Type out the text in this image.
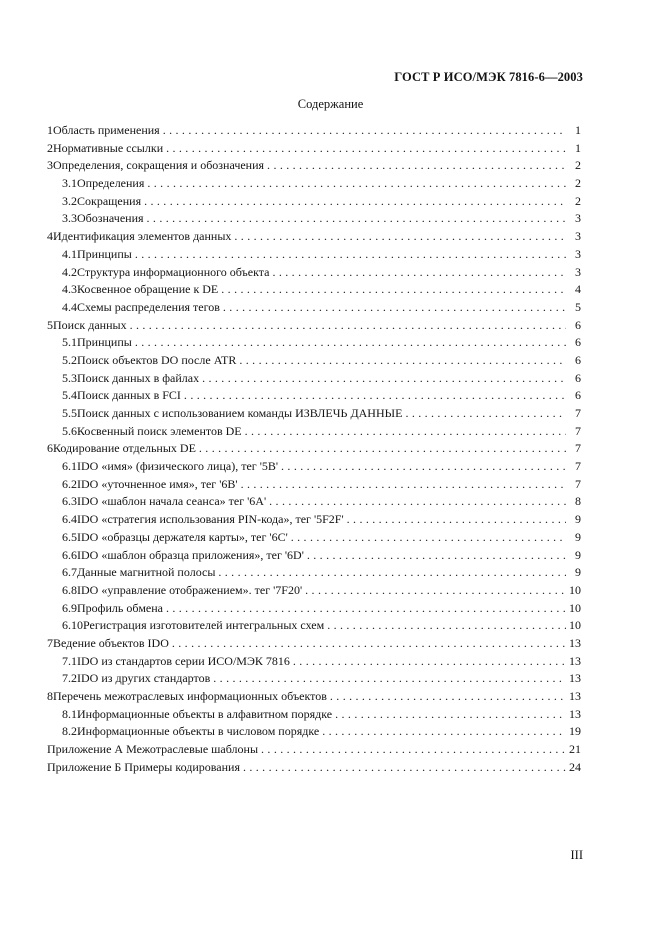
ГОСТ Р ИСО/МЭК 7816-6—2003
Содержание
1 Область применения . . .	1
2 Нормативные ссылки . . .	1
3 Определения, сокращения и обозначения . . .	2
3.1 Определения . . .	2
3.2 Сокращения . . .	2
3.3 Обозначения . . .	3
4 Идентификация элементов данных . . .	3
4.1 Принципы . . .	3
4.2 Структура информационного объекта . . .	3
4.3 Косвенное обращение к DE . . .	4
4.4 Схемы распределения тегов . . .	5
5 Поиск данных . . .	6
5.1 Принципы . . .	6
5.2 Поиск объектов DO после ATR . . .	6
5.3 Поиск данных в файлах . . .	6
5.4 Поиск данных в FCI . . .	6
5.5 Поиск данных с использованием команды ИЗВЛЕЧЬ ДАННЫЕ . . .	7
5.6 Косвенный поиск элементов DE . . .	7
6 Кодирование отдельных DE . . .	7
6.1 IDO «имя» (физического лица), тег '5B' . . .	7
6.2 IDO «уточненное имя», тег '6B' . . .	7
6.3 IDO «шаблон начала сеанса» тег '6A' . . .	8
6.4 IDO «стратегия использования PIN-кода», тег '5F2F' . . .	9
6.5 IDO «образцы держателя карты», тег '6C' . . .	9
6.6 IDO «шаблон образца приложения», тег '6D' . . .	9
6.7 Данные магнитной полосы . . .	9
6.8 IDO «управление отображением». тег '7F20' . . .	10
6.9 Профиль обмена . . .	10
6.10 Регистрация изготовителей интегральных схем . . .	10
7 Ведение объектов IDO . . .	13
7.1 IDO из стандартов серии ИСО/МЭК 7816 . . .	13
7.2 IDO из других стандартов . . .	13
8 Перечень межотраслевых информационных объектов . . .	13
8.1 Информационные объекты в алфавитном порядке . . .	13
8.2 Информационные объекты в числовом порядке . . .	19
Приложение А Межотраслевые шаблоны . . .	21
Приложение Б Примеры кодирования . . .	24
III
